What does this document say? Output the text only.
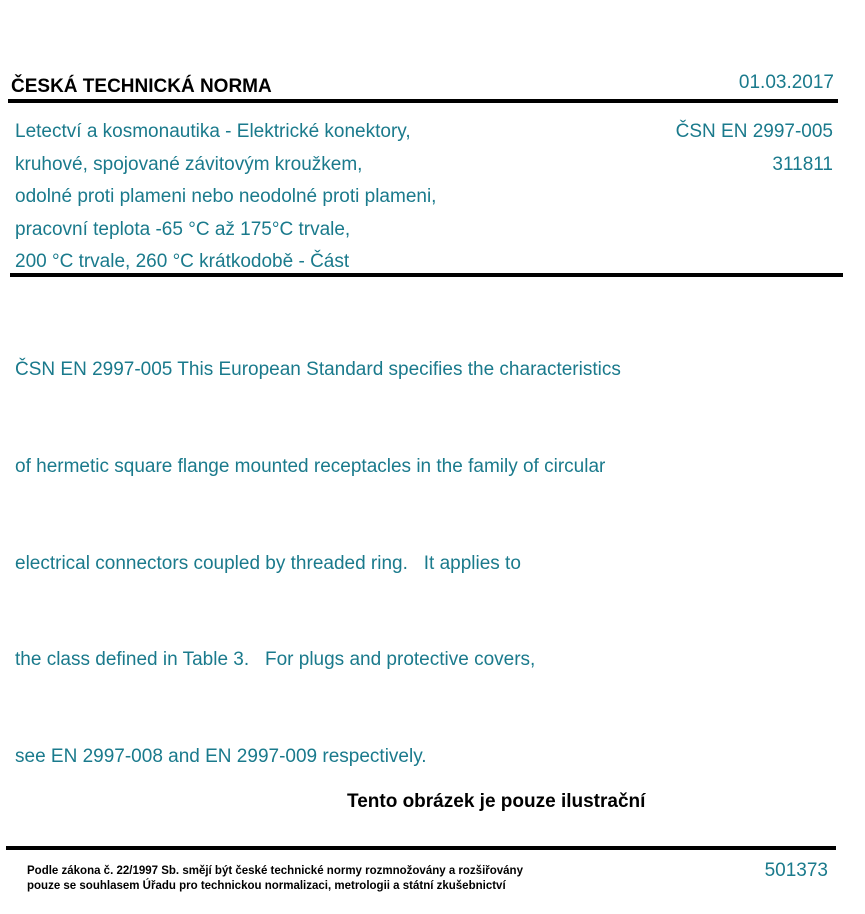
ČESKÁ TECHNICKÁ NORMA	01.03.2017
Letectví a kosmonautika - Elektrické konektory,
kruhové, spojované závitovým kroužkem,
odolné proti plameni nebo neodolné proti plameni,
pracovní teplota -65 °C až 175°C trvale,
200 °C trvale, 260 °C krátkodobě - Část
ČSN EN 2997-005
311811

ČSN EN 2997-005 This European Standard specifies the characteristics

of hermetic square flange mounted receptacles in the family of circular

electrical connectors coupled by threaded ring.   It applies to

the class defined in Table 3.   For plugs and protective covers,

see EN 2997-008 and EN 2997-009 respectively.

Tento obrázek je pouze ilustrační
Podle zákona č. 22/1997 Sb. smějí být české technické normy rozmnožovány a rozšiřovány
pouze se souhlasem Úřadu pro technickou normalizaci, metrologii a státní zkušebnictví
501373
